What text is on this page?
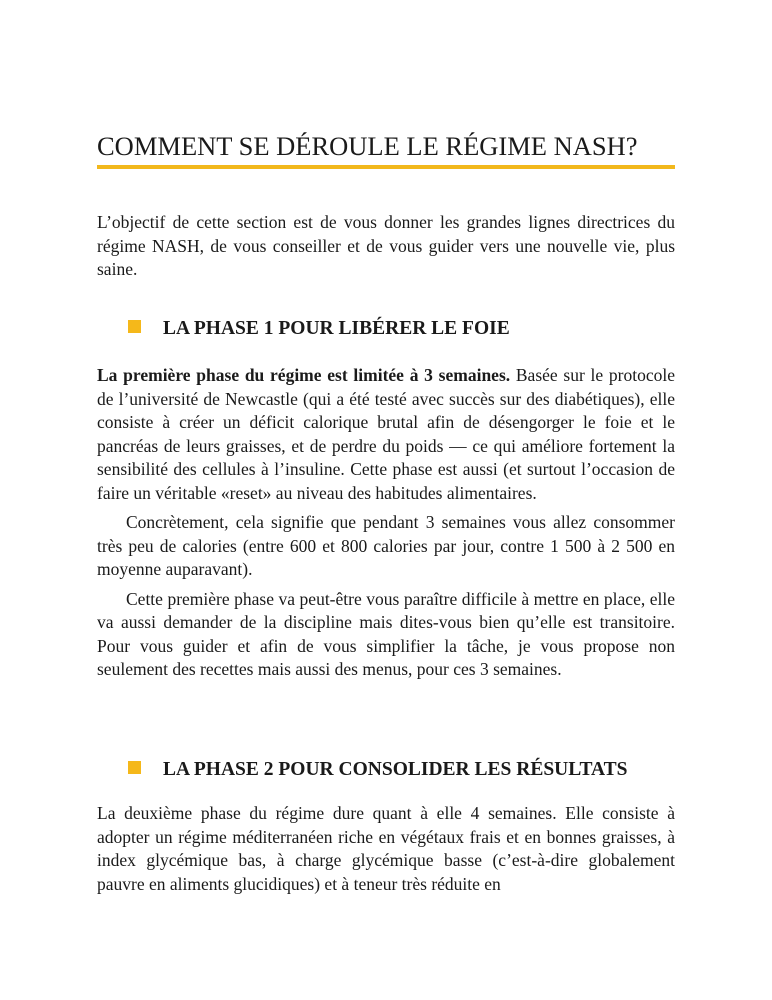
COMMENT SE DÉROULE LE RÉGIME NASH?

L’objectif de cette section est de vous donner les grandes lignes directrices du régime NASH, de vous conseiller et de vous guider vers une nouvelle vie, plus saine.

LA PHASE 1 POUR LIBÉRER LE FOIE

La première phase du régime est limitée à 3 semaines. Basée sur le protocole de l’université de Newcastle (qui a été testé avec succès sur des diabétiques), elle consiste à créer un déficit calorique brutal afin de désengorger le foie et le pancréas de leurs graisses, et de perdre du poids — ce qui améliore fortement la sensibilité des cellules à l’insuline. Cette phase est aussi (et surtout l’occasion de faire un véritable «reset» au niveau des habitudes alimentaires.

Concrètement, cela signifie que pendant 3 semaines vous allez consommer très peu de calories (entre 600 et 800 calories par jour, contre 1 500 à 2 500 en moyenne auparavant).

Cette première phase va peut-être vous paraître difficile à mettre en place, elle va aussi demander de la discipline mais dites-vous bien qu’elle est transitoire. Pour vous guider et afin de vous simplifier la tâche, je vous propose non seulement des recettes mais aussi des menus, pour ces 3 semaines.

LA PHASE 2 POUR CONSOLIDER LES RÉSULTATS

La deuxième phase du régime dure quant à elle 4 semaines. Elle consiste à adopter un régime méditerranéen riche en végétaux frais et en bonnes graisses, à index glycémique bas, à charge glycémique basse (c’est-à-dire globalement pauvre en aliments glucidiques) et à teneur très réduite en
